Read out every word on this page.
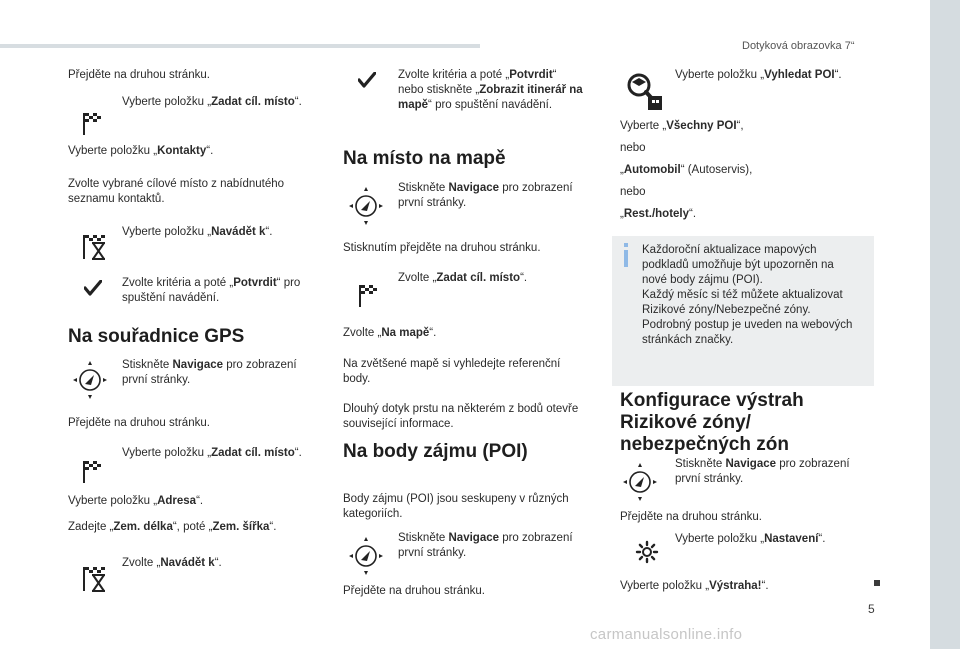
5
Dotyková obrazovka 7“
carmanualsonline.info
Přejděte na druhou stránku.
Vyberte položku „Zadat cíl. místo“.
Vyberte položku „Kontakty“.
Zvolte vybrané cílové místo z nabídnutého
seznamu kontaktů.
Vyberte položku „Navádět k“.
Zvolte kritéria a poté „Potvrdit“ pro
spuštění navádění.
Na souřadnice GPS
Stiskněte Navigace pro zobrazení
první stránky.
Přejděte na druhou stránku.
Vyberte položku „Zadat cíl. místo“.
Vyberte položku „Adresa“.
Zadejte „Zem. délka“, poté „Zem. šířka“.
Zvolte „Navádět k“.
Zvolte kritéria a poté „Potvrdit“
nebo stiskněte „Zobrazit itinerář na
mapě“ pro spuštění navádění.
Na místo na mapě
Stiskněte Navigace pro zobrazení
první stránky.
Stisknutím přejděte na druhou stránku.
Zvolte „Zadat cíl. místo“.
Zvolte „Na mapě“.
Na zvětšené mapě si vyhledejte referenční
body.
Dlouhý dotyk prstu na některém z bodů otevře
související informace.
Na body zájmu (POI)
Body zájmu (POI) jsou seskupeny v různých
kategoriích.
Stiskněte Navigace pro zobrazení
první stránky.
Přejděte na druhou stránku.
Vyberte položku „Vyhledat POI“.
Vyberte „Všechny POI“,
nebo
„Automobil“ (Autoservis),
nebo
„Rest./hotely“.
Každoroční aktualizace mapových
podkladů umožňuje být upozorněn na
nové body zájmu (POI).
Každý měsíc si též můžete aktualizovat
Rizikové zóny/Nebezpečné zóny.
Podrobný postup je uveden na webových
stránkách značky.
Konfigurace výstrah
Rizikové zóny/
nebezpečných zón
Stiskněte Navigace pro zobrazení
první stránky.
Přejděte na druhou stránku.
Vyberte položku „Nastavení“.
Vyberte položku „Výstraha!“.
